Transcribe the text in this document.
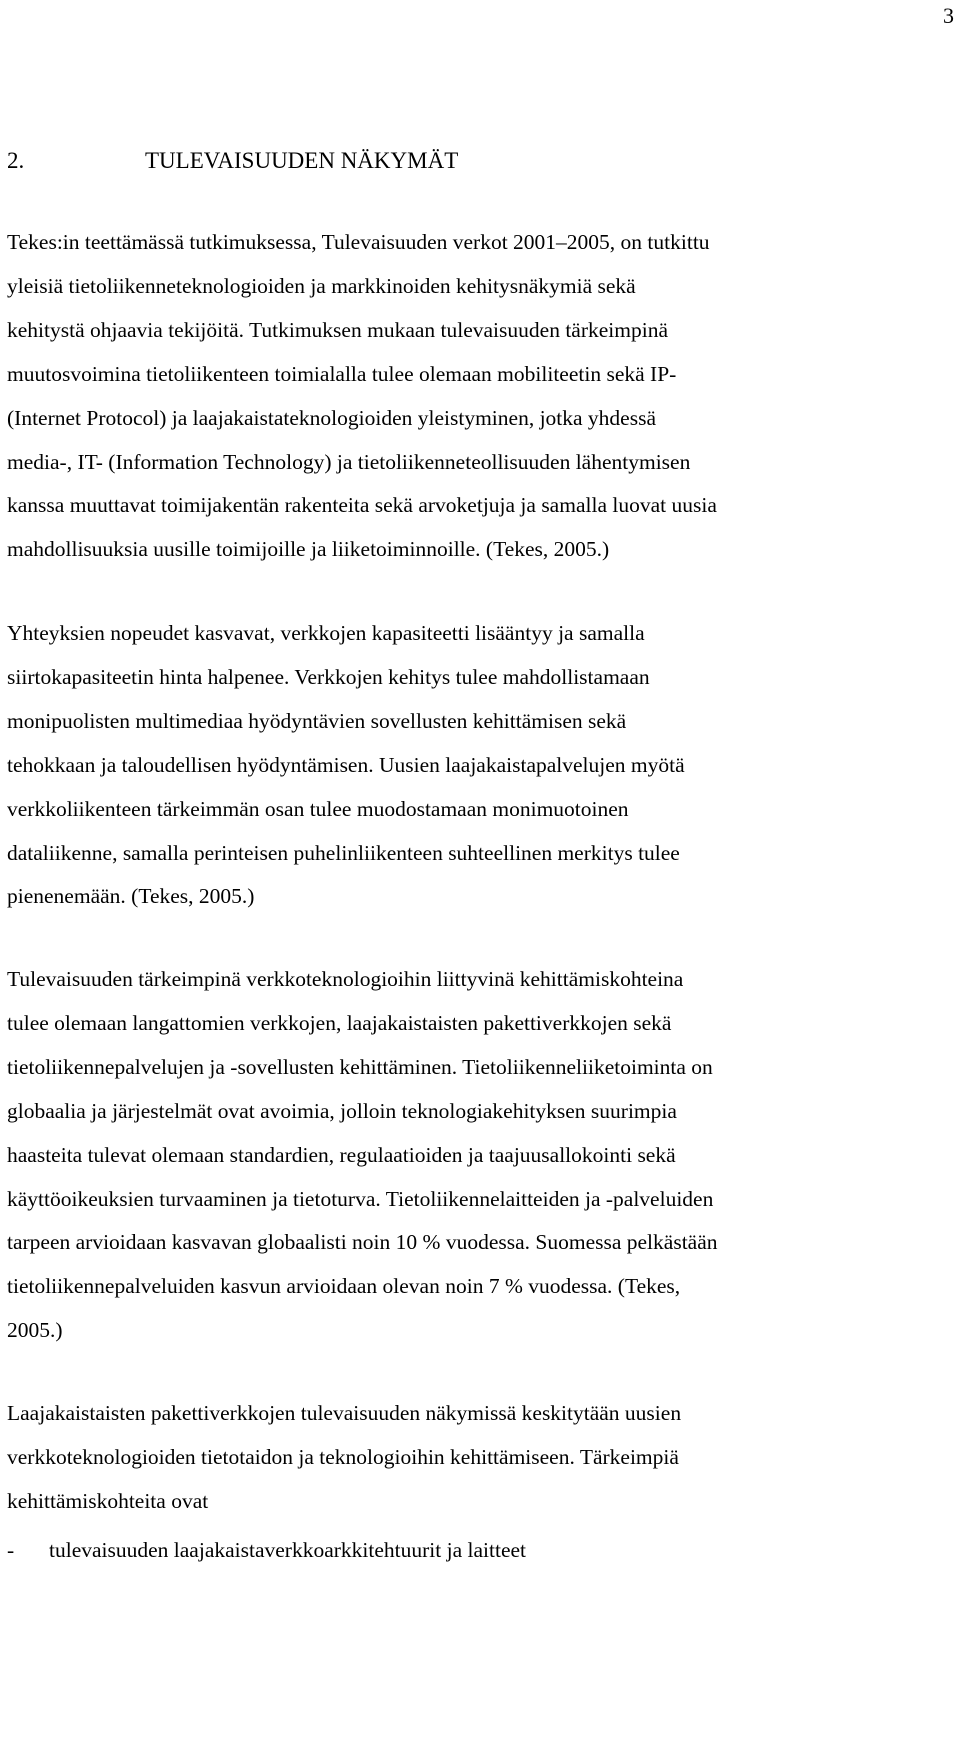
3
2.	TULEVAISUUDEN NÄKYMÄT

Tekes:in teettämässä tutkimuksessa, Tulevaisuuden verkot 2001–2005, on tutkittu
yleisiä tietoliikenneteknologioiden ja markkinoiden kehitysnäkymiä sekä
kehitystä ohjaavia tekijöitä. Tutkimuksen mukaan tulevaisuuden tärkeimpinä
muutosvoimina tietoliikenteen toimialalla tulee olemaan mobiliteetin sekä IP-
(Internet Protocol) ja laajakaistateknologioiden yleistyminen, jotka yhdessä
media-, IT- (Information Technology) ja tietoliikenneteollisuuden lähentymisen
kanssa muuttavat toimijakentän rakenteita sekä arvoketjuja ja samalla luovat uusia
mahdollisuuksia uusille toimijoille ja liiketoiminnoille. (Tekes, 2005.)

Yhteyksien nopeudet kasvavat, verkkojen kapasiteetti lisääntyy ja samalla
siirtokapasiteetin hinta halpenee. Verkkojen kehitys tulee mahdollistamaan
monipuolisten multimediaa hyödyntävien sovellusten kehittämisen sekä
tehokkaan ja taloudellisen hyödyntämisen. Uusien laajakaistapalvelujen myötä
verkkoliikenteen tärkeimmän osan tulee muodostamaan monimuotoinen
dataliikenne, samalla perinteisen puhelinliikenteen suhteellinen merkitys tulee
pienenemään. (Tekes, 2005.)

Tulevaisuuden tärkeimpinä verkkoteknologioihin liittyvinä kehittämiskohteina
tulee olemaan langattomien verkkojen, laajakaistaisten pakettiverkkojen sekä
tietoliikennepalvelujen ja -sovellusten kehittäminen. Tietoliikenneliiketoiminta on
globaalia ja järjestelmät ovat avoimia, jolloin teknologiakehityksen suurimpia
haasteita tulevat olemaan standardien, regulaatioiden ja taajuusallokointi sekä
käyttöoikeuksien turvaaminen ja tietoturva. Tietoliikennelaitteiden ja -palveluiden
tarpeen arvioidaan kasvavan globaalisti noin 10 % vuodessa. Suomessa pelkästään
tietoliikennepalveluiden kasvun arvioidaan olevan noin 7 % vuodessa. (Tekes,
2005.)

Laajakaistaisten pakettiverkkojen tulevaisuuden näkymissä keskitytään uusien
verkkoteknologioiden tietotaidon ja teknologioihin kehittämiseen. Tärkeimpiä
kehittämiskohteita ovat

- tulevaisuuden laajakaistaverkkoarkkitehtuurit ja laitteet
